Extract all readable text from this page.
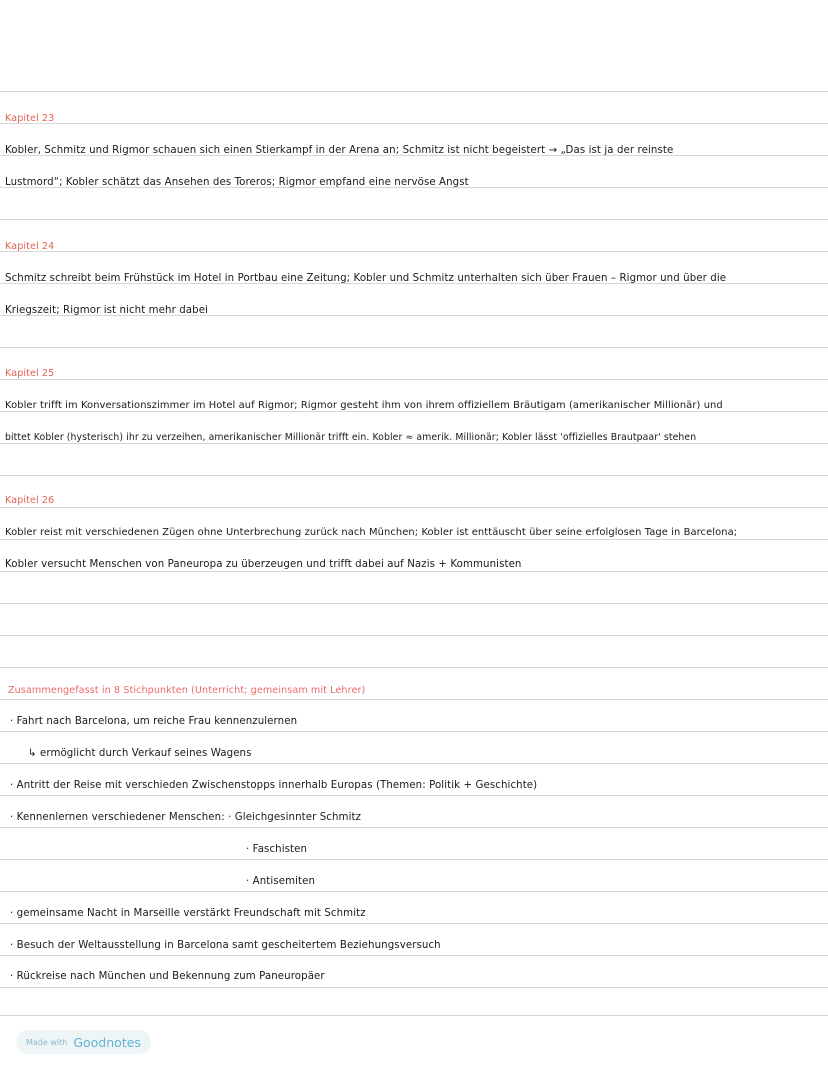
Kapitel 23
Kobler, Schmitz und Rigmor schauen sich einen Stierkampf in der Arena an; Schmitz ist nicht begeistert → „Das ist ja der reinste
Lustmord“; Kobler schätzt das Ansehen des Toreros; Rigmor empfand eine nervöse Angst
Kapitel 24
Schmitz schreibt beim Frühstück im Hotel in Portbau eine Zeitung; Kobler und Schmitz unterhalten sich über Frauen – Rigmor und über die
Kriegszeit; Rigmor ist nicht mehr dabei
Kapitel 25
Kobler trifft im Konversationszimmer im Hotel auf Rigmor; Rigmor gesteht ihm von ihrem offiziellem Bräutigam (amerikanischer Millionär) und
bittet Kobler (hysterisch) ihr zu verzeihen, amerikanischer Millionär trifft ein. Kobler ≈ amerik. Millionär; Kobler lässt 'offizielles Brautpaar' stehen
Kapitel 26
Kobler reist mit verschiedenen Zügen ohne Unterbrechung zurück nach München; Kobler ist enttäuscht über seine erfolglosen Tage in Barcelona;
Kobler versucht Menschen von Paneuropa zu überzeugen und trifft dabei auf Nazis + Kommunisten
Zusammengefasst in 8 Stichpunkten (Unterricht; gemeinsam mit Lehrer)
· Fahrt nach Barcelona, um reiche Frau kennenzulernen
↳ ermöglicht durch Verkauf seines Wagens
· Antritt der Reise mit verschieden Zwischenstopps innerhalb Europas (Themen: Politik + Geschichte)
· Kennenlernen verschiedener Menschen: · Gleichgesinnter Schmitz
· Faschisten
· Antisemiten
· gemeinsame Nacht in Marseille verstärkt Freundschaft mit Schmitz
· Besuch der Weltausstellung in Barcelona samt gescheitertem Beziehungsversuch
· Rückreise nach München und Bekennung zum Paneuropäer
Made with Goodnotes
